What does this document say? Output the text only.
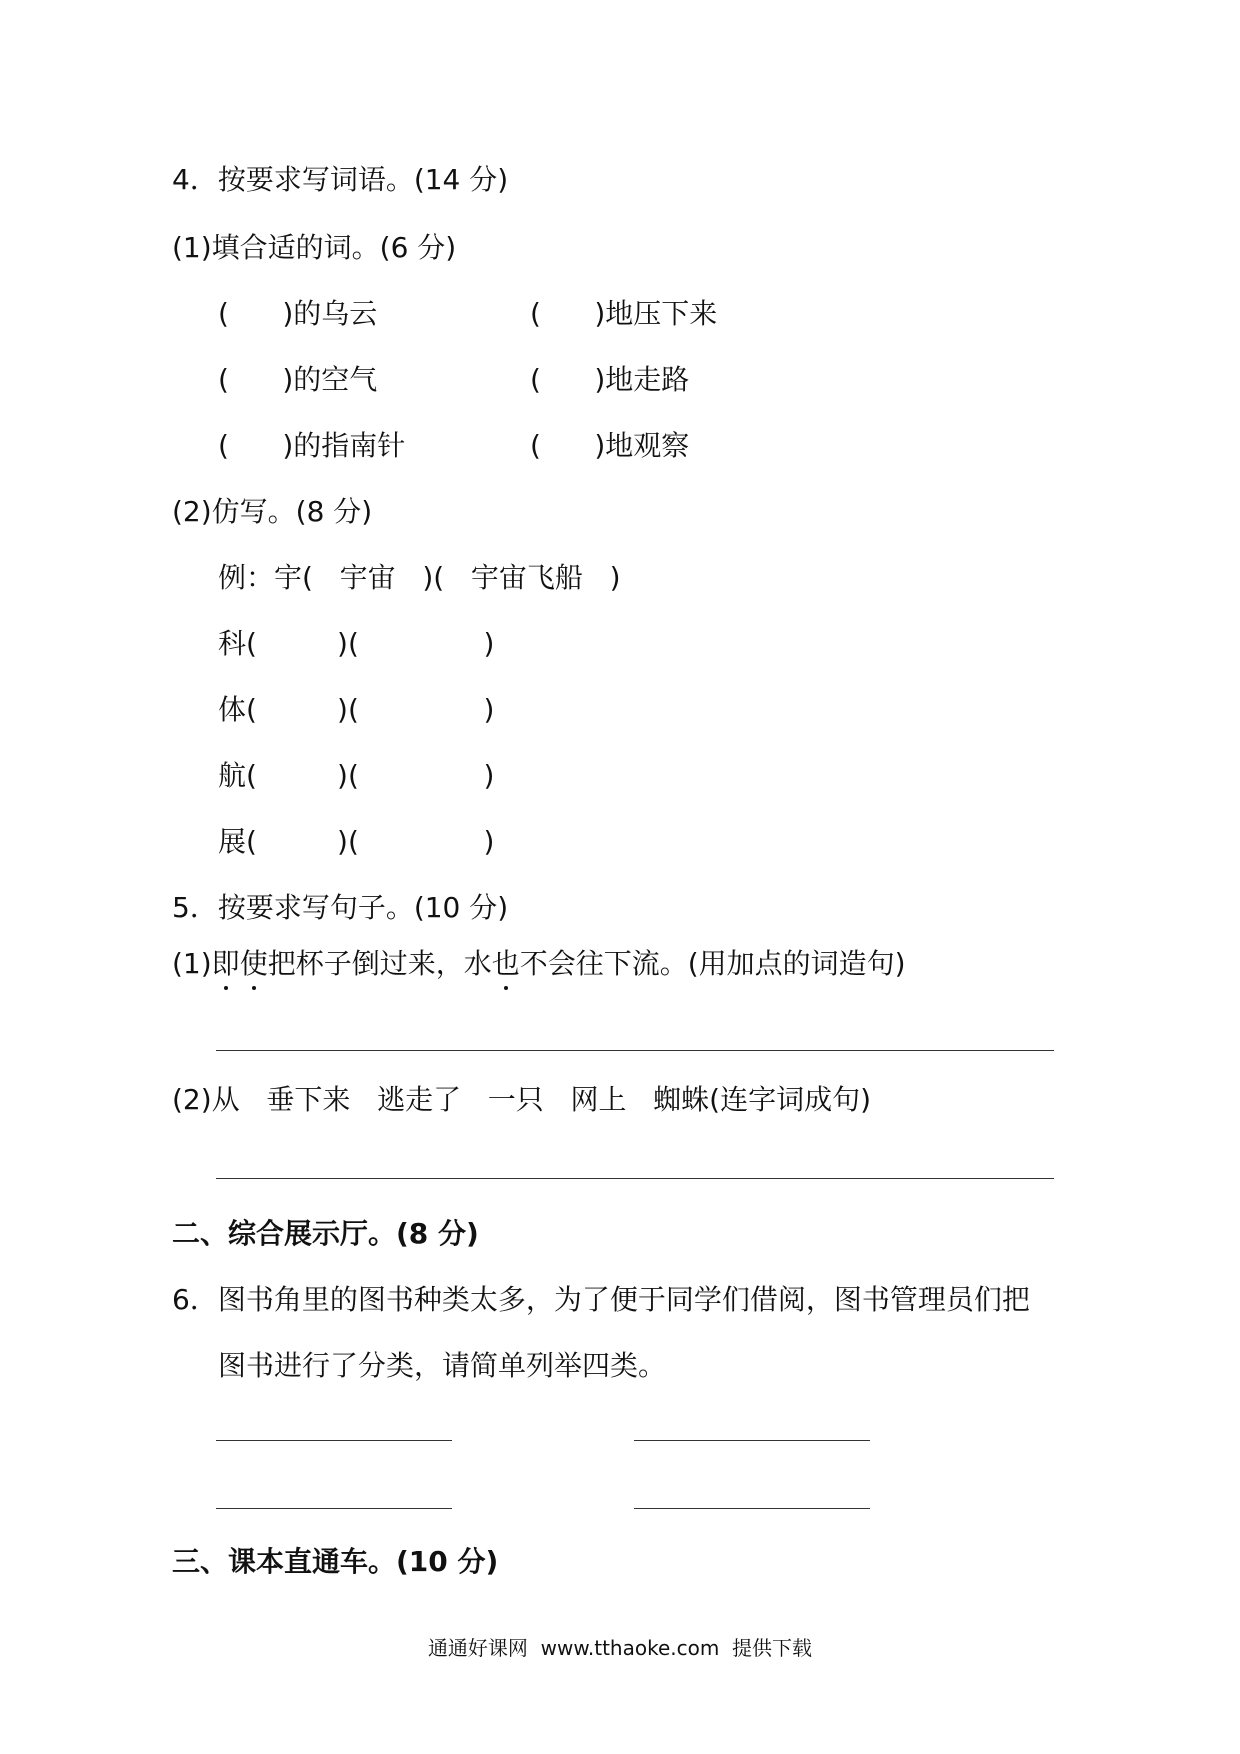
4．按要求写词语。(14 分)
(1)填合适的词。(6 分)
(      )的乌云	(      )地压下来
(      )的空气	(      )地走路
(      )的指南针	(      )地观察
(2)仿写。(8 分)
例：宇(   宇宙   )(   宇宙飞船   )
科(         )(              )
体(         )(              )
航(         )(              )
展(         )(              )
5．按要求写句子。(10 分)
(1)即使把杯子倒过来，水也不会往下流。(用加点的词造句)
(2)从   垂下来   逃走了   一只   网上   蜘蛛(连字词成句)
二、综合展示厅。(8 分)
6．图书角里的图书种类太多，为了便于同学们借阅，图书管理员们把
图书进行了分类，请简单列举四类。
三、课本直通车。(10 分)
通通好课网  www.tthaoke.com  提供下载
